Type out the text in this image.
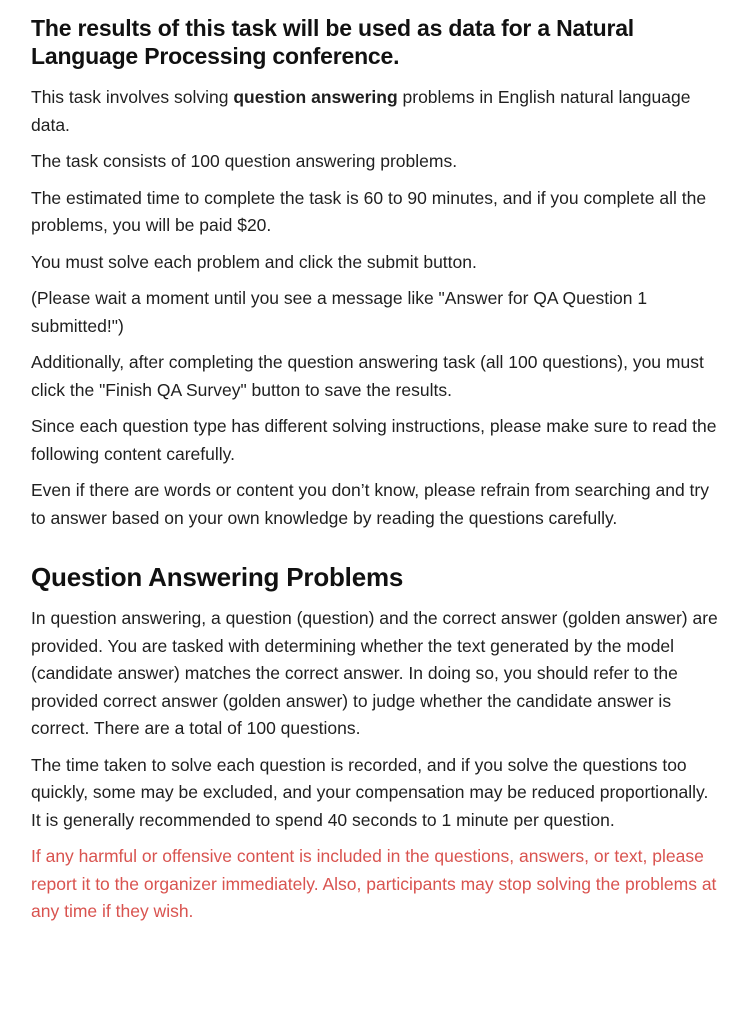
The results of this task will be used as data for a Natural Language Processing conference.

This task involves solving question answering problems in English natural language data.

The task consists of 100 question answering problems.

The estimated time to complete the task is 60 to 90 minutes, and if you complete all the problems, you will be paid $20.

You must solve each problem and click the submit button.

(Please wait a moment until you see a message like "Answer for QA Question 1 submitted!")

Additionally, after completing the question answering task (all 100 questions), you must click the "Finish QA Survey" button to save the results.

Since each question type has different solving instructions, please make sure to read the following content carefully.

Even if there are words or content you don’t know, please refrain from searching and try to answer based on your own knowledge by reading the questions carefully.

Question Answering Problems

In question answering, a question (question) and the correct answer (golden answer) are provided. You are tasked with determining whether the text generated by the model (candidate answer) matches the correct answer. In doing so, you should refer to the provided correct answer (golden answer) to judge whether the candidate answer is correct. There are a total of 100 questions.

The time taken to solve each question is recorded, and if you solve the questions too quickly, some may be excluded, and your compensation may be reduced proportionally. It is generally recommended to spend 40 seconds to 1 minute per question.

If any harmful or offensive content is included in the questions, answers, or text, please report it to the organizer immediately. Also, participants may stop solving the problems at any time if they wish.
